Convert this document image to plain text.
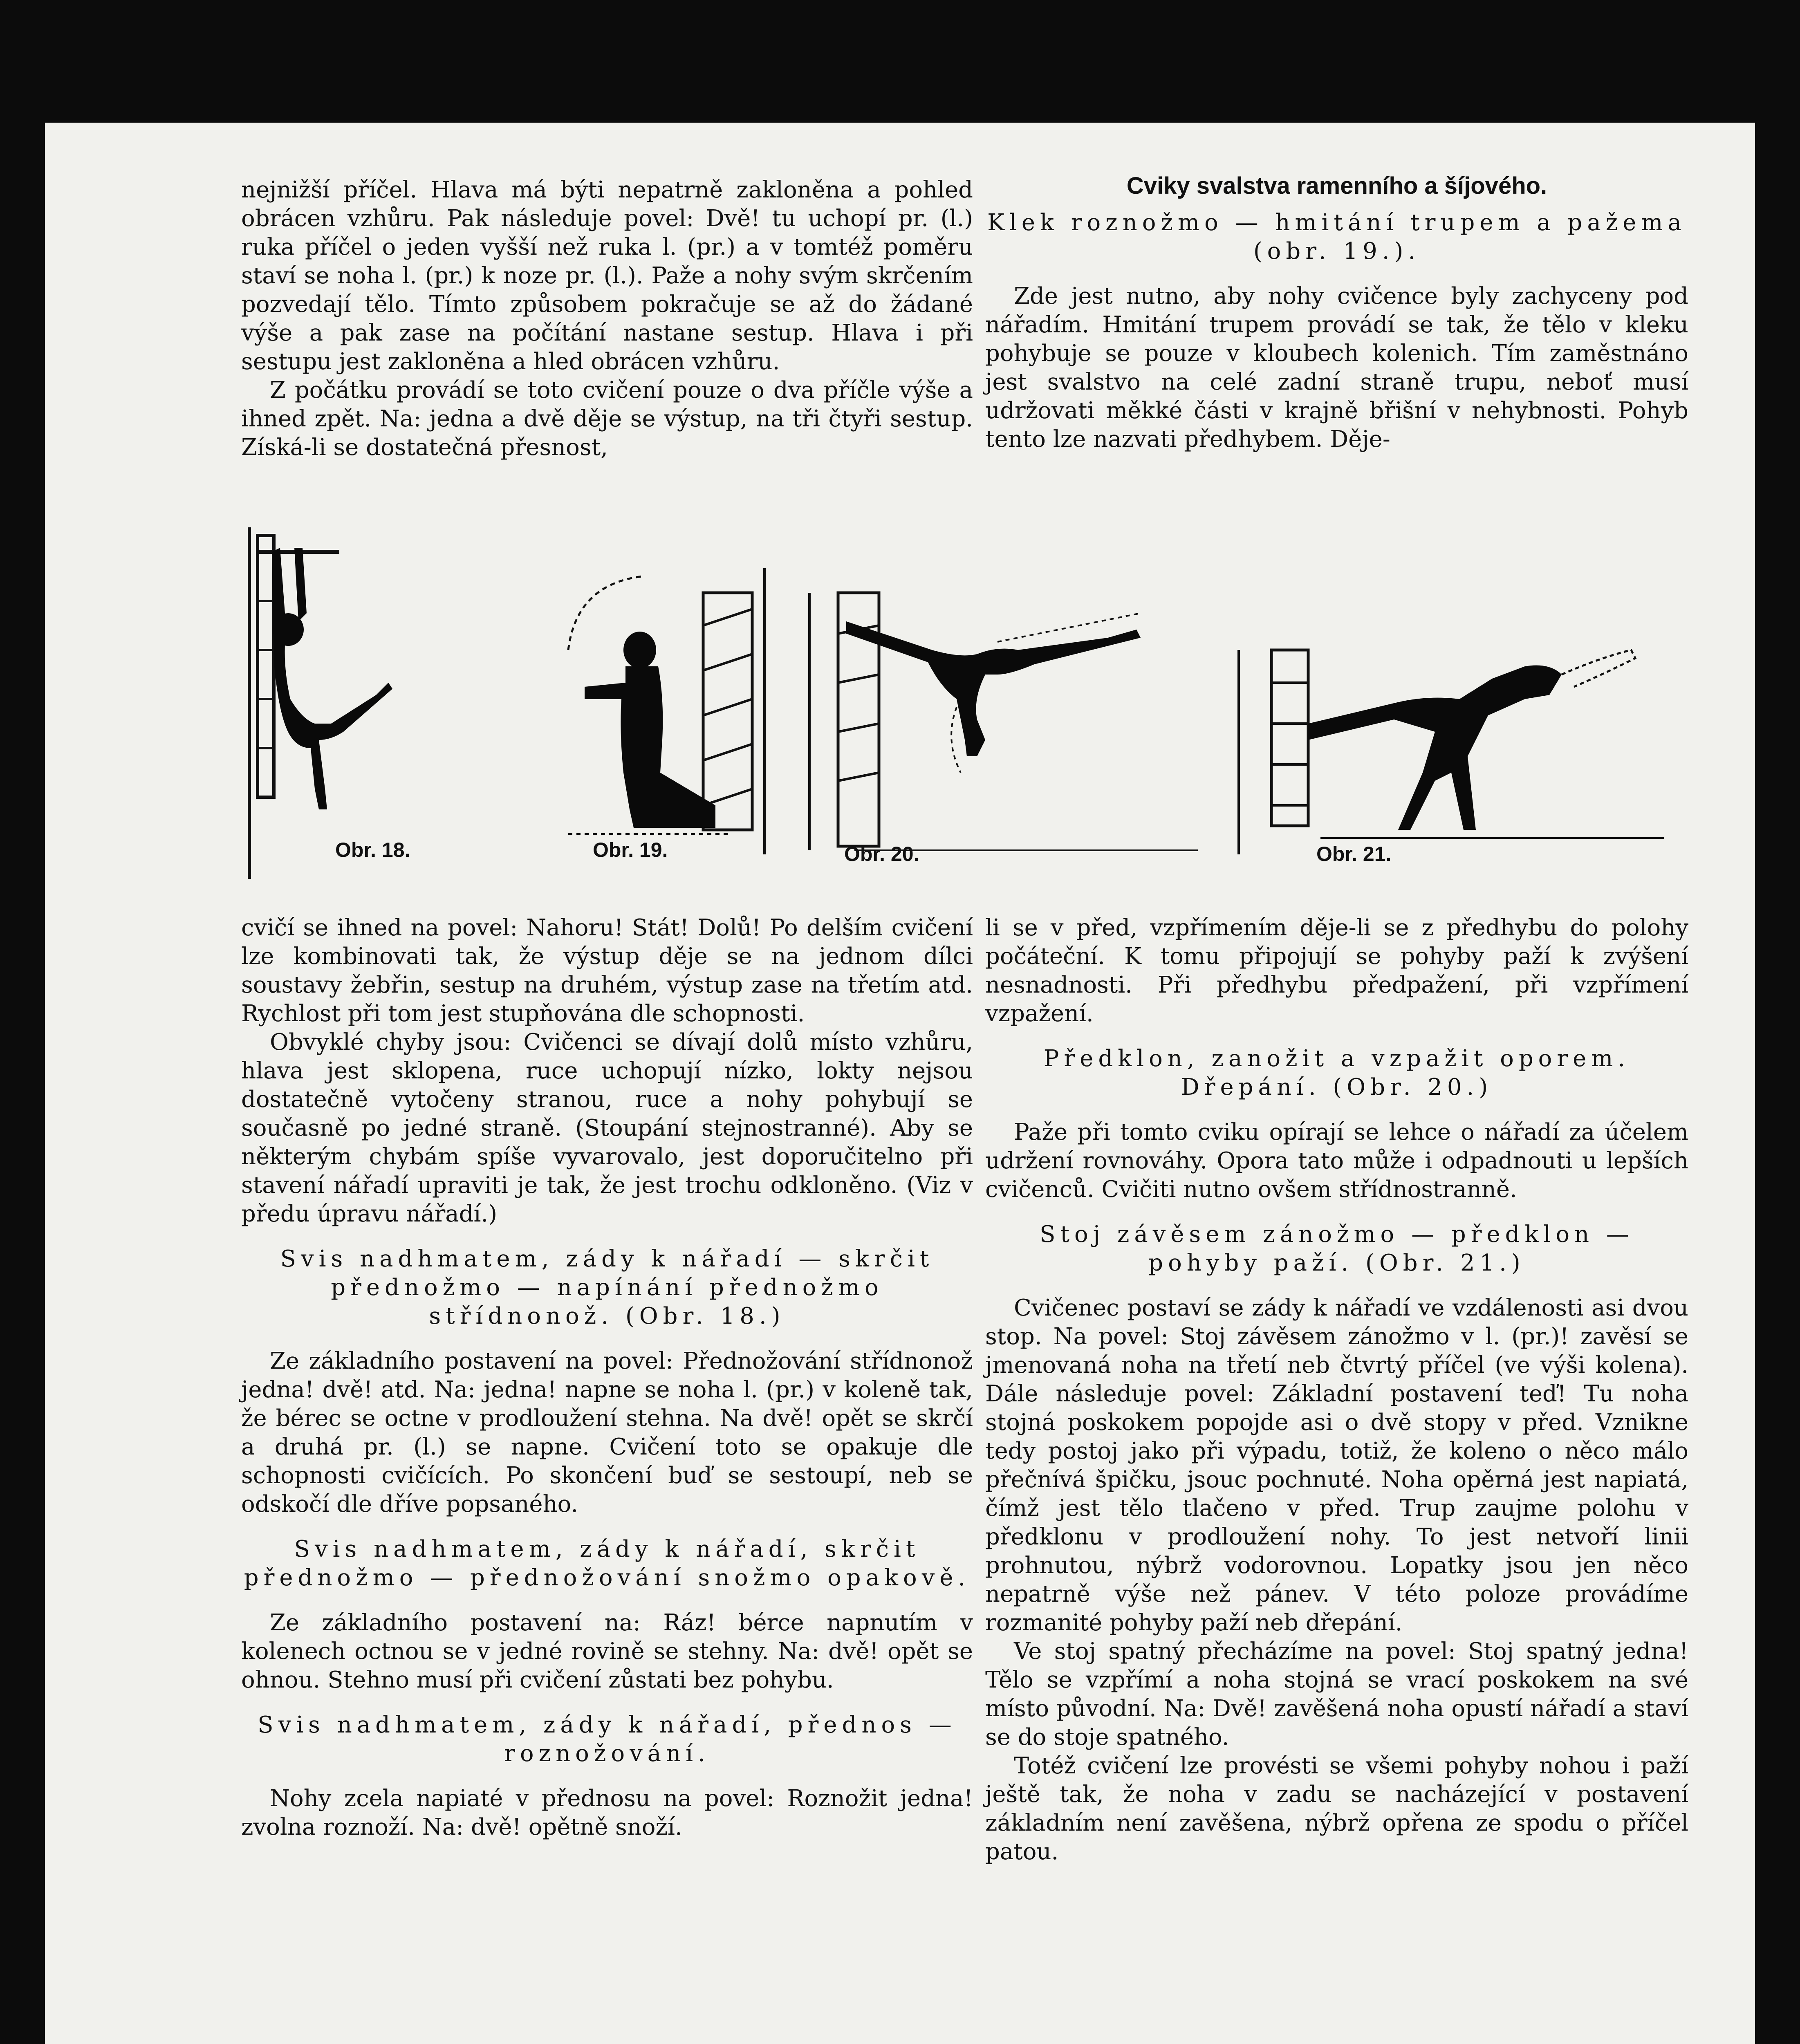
nejnižší příčel. Hlava má býti nepatrně zakloněna a pohled obrácen vzhůru. Pak následuje povel: Dvě! tu uchopí pr. (l.) ruka příčel o jeden vyšší než ruka l. (pr.) a v tomtéž poměru staví se noha l. (pr.) k noze pr. (l.). Paže a nohy svým skrčením pozvedají tělo. Tímto způsobem pokračuje se až do žádané výše a pak zase na počítání nastane sestup. Hlava i při sestupu jest zakloněna a hled obrácen vzhůru.

Z počátku provádí se toto cvičení pouze o dva příčle výše a ihned zpět. Na: jedna a dvě děje se výstup, na tři čtyři sestup. Získá-li se dostatečná přesnost,

Cviky svalstva ramenního a šíjového.
Klek roznožmo — hmitání trupem a pažema (obr. 19.).

Zde jest nutno, aby nohy cvičence byly zachyceny pod nářadím. Hmitání trupem provádí se tak, že tělo v kleku pohybuje se pouze v kloubech kolenich. Tím zaměstnáno jest svalstvo na celé zadní straně trupu, neboť musí udržovati měkké části v krajně břišní v nehybnosti. Pohyb tento lze nazvati předhybem. Děje-

Obr. 18.	Obr. 19.	Obr. 20.	Obr. 21.

cvičí se ihned na povel: Nahoru! Stát! Dolů! Po delším cvičení lze kombinovati tak, že výstup děje se na jednom dílci soustavy žebřin, sestup na druhém, výstup zase na třetím atd. Rychlost při tom jest stupňována dle schopnosti.

Obvyklé chyby jsou: Cvičenci se dívají dolů místo vzhůru, hlava jest sklopena, ruce uchopují nízko, lokty nejsou dostatečně vytočeny stranou, ruce a nohy pohybují se současně po jedné straně. (Stoupání stejnostranné). Aby se některým chybám spíše vyvarovalo, jest doporučitelno při stavení nářadí upraviti je tak, že jest trochu odkloněno. (Viz v předu úpravu nářadí.)

Svis nadhmatem, zády k nářadí — skrčit přednožmo — napínání přednožmo střídnonož. (Obr. 18.)

Ze základního postavení na povel: Přednožování střídnonož jedna! dvě! atd. Na: jedna! napne se noha l. (pr.) v koleně tak, že bérec se octne v prodloužení stehna. Na dvě! opět se skrčí a druhá pr. (l.) se napne. Cvičení toto se opakuje dle schopnosti cvičících. Po skončení buď se sestoupí, neb se odskočí dle dříve popsaného.

Svis nadhmatem, zády k nářadí, skrčit přednožmo — přednožování snožmo opakově.

Ze základního postavení na: Ráz! bérce napnutím v kolenech octnou se v jedné rovině se stehny. Na: dvě! opět se ohnou. Stehno musí při cvičení zůstati bez pohybu.

Svis nadhmatem, zády k nářadí, přednos — roznožování.

Nohy zcela napiaté v přednosu na povel: Roznožit jedna! zvolna roznoží. Na: dvě! opětně snoží.

li se v před, vzpřímením děje-li se z předhybu do polohy počáteční. K tomu připojují se pohyby paží k zvýšení nesnadnosti. Při předhybu předpažení, při vzpřímení vzpažení.

Předklon, zanožit a vzpažit oporem. Dřepání. (Obr. 20.)

Paže při tomto cviku opírají se lehce o nářadí za účelem udržení rovnováhy. Opora tato může i odpadnouti u lepších cvičenců. Cvičiti nutno ovšem střídnostranně.

Stoj závěsem zánožmo — předklon — pohyby paží. (Obr. 21.)

Cvičenec postaví se zády k nářadí ve vzdálenosti asi dvou stop. Na povel: Stoj závěsem zánožmo v l. (pr.)! zavěsí se jmenovaná noha na třetí neb čtvrtý příčel (ve výši kolena). Dále následuje povel: Základní postavení teď! Tu noha stojná poskokem popojde asi o dvě stopy v před. Vznikne tedy postoj jako při výpadu, totiž, že koleno o něco málo přečnívá špičku, jsouc pochnuté. Noha opěrná jest napiatá, čímž jest tělo tlačeno v před. Trup zaujme polohu v předklonu v prodloužení nohy. To jest netvoří linii prohnutou, nýbrž vodorovnou. Lopatky jsou jen něco nepatrně výše než pánev. V této poloze provádíme rozmanité pohyby paží neb dřepání.

Ve stoj spatný přecházíme na povel: Stoj spatný jedna! Tělo se vzpřímí a noha stojná se vrací poskokem na své místo původní. Na: Dvě! zavěšená noha opustí nářadí a staví se do stoje spatného.

Totéž cvičení lze provésti se všemi pohyby nohou i paží ještě tak, že noha v zadu se nacházející v postavení základním není zavěšena, nýbrž opřena ze spodu o příčel patou.
